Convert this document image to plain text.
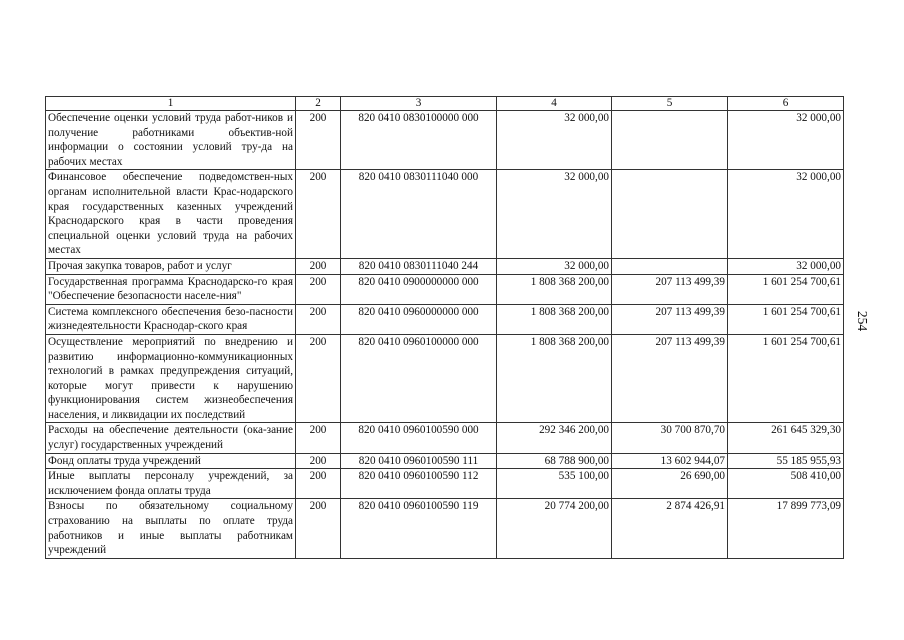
1	2	3	4	5	6
Обеспечение оценки условий труда работ-ников и получение работниками объектив-ной информации о состоянии условий тру-да на рабочих местах	200	820 0410 0830100000 000	32 000,00		32 000,00
Финансовое обеспечение подведомствен-ных органам исполнительной власти Крас-нодарского края государственных казенных учреждений Краснодарского края в части проведения специальной оценки условий труда на рабочих местах	200	820 0410 0830111040 000	32 000,00		32 000,00
Прочая закупка товаров, работ и услуг	200	820 0410 0830111040 244	32 000,00		32 000,00
Государственная программа Краснодарско-го края "Обеспечение безопасности населе-ния"	200	820 0410 0900000000 000	1 808 368 200,00	207 113 499,39	1 601 254 700,61
Система комплексного обеспечения безо-пасности жизнедеятельности Краснодар-ского края	200	820 0410 0960000000 000	1 808 368 200,00	207 113 499,39	1 601 254 700,61
Осуществление мероприятий по внедрению и развитию информационно-коммуникационных технологий в рамках предупреждения ситуаций, которые могут привести к нарушению функционирования систем жизнеобеспечения населения, и ликвидации их последствий	200	820 0410 0960100000 000	1 808 368 200,00	207 113 499,39	1 601 254 700,61
Расходы на обеспечение деятельности (ока-зание услуг) государственных учреждений	200	820 0410 0960100590 000	292 346 200,00	30 700 870,70	261 645 329,30
Фонд оплаты труда учреждений	200	820 0410 0960100590 111	68 788 900,00	13 602 944,07	55 185 955,93
Иные выплаты персоналу учреждений, за исключением фонда оплаты труда	200	820 0410 0960100590 112	535 100,00	26 690,00	508 410,00
Взносы по обязательному социальному страхованию на выплаты по оплате труда работников и иные выплаты работникам учреждений	200	820 0410 0960100590 119	20 774 200,00	2 874 426,91	17 899 773,09
254
